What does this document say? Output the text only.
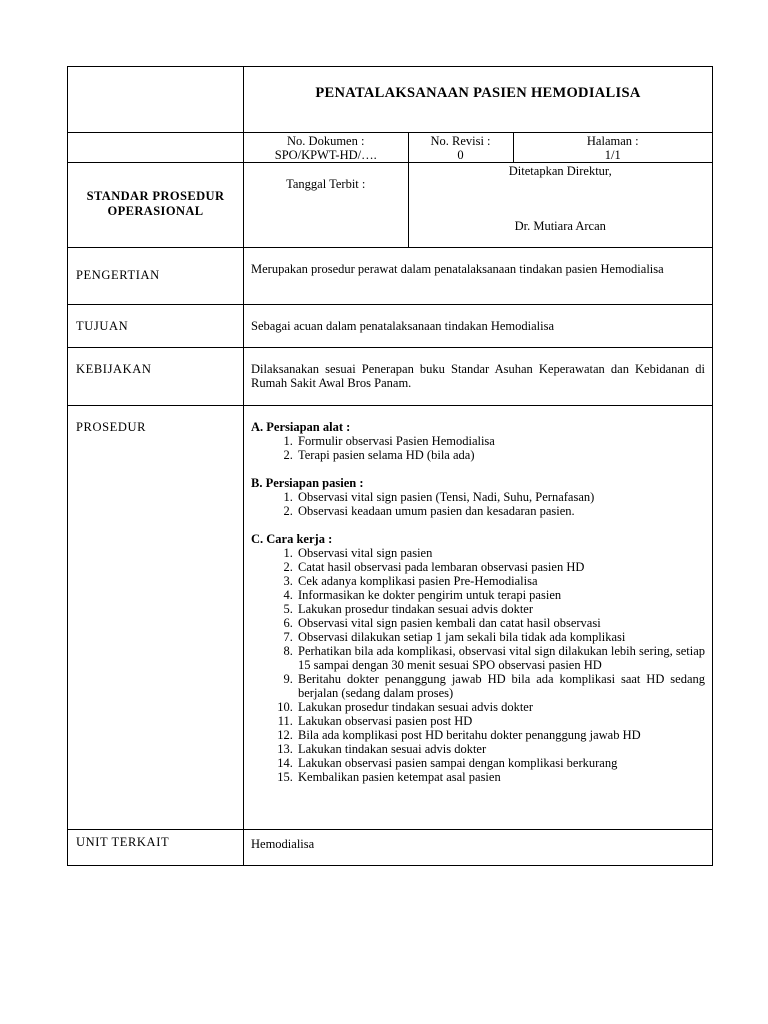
	PENATALAKSANAAN PASIEN HEMODIALISA

No. Dokumen :
SPO/KPWT-HD/….

No. Revisi :
0

Halaman :
1/1

STANDAR PROSEDUR
OPERASIONAL

Tanggal Terbit :	
Ditetapkan Direktur,
Dr. Mutiara Arcan

PENGERTIAN	Merupakan prosedur perawat dalam penatalaksanaan tindakan pasien Hemodialisa
TUJUAN	Sebagai acuan dalam penatalaksanaan tindakan Hemodialisa
KEBIJAKAN	Dilaksanakan sesuai Penerapan buku Standar Asuhan Keperawatan dan Kebidanan di Rumah Sakit Awal Bros Panam.
PROSEDUR	A. Persiapan alat :
1. Formulir observasi Pasien Hemodialisa
2. Terapi pasien selama HD (bila ada)
B. Persiapan pasien :
1. Observasi vital sign pasien (Tensi, Nadi, Suhu, Pernafasan)
2. Observasi keadaan umum pasien dan kesadaran pasien.
C. Cara kerja :
1. Observasi vital sign pasien
2. Catat hasil observasi pada lembaran observasi pasien HD
3. Cek adanya komplikasi pasien Pre-Hemodialisa
4. Informasikan ke dokter pengirim untuk terapi pasien
5. Lakukan prosedur tindakan sesuai advis dokter
6. Observasi vital sign pasien kembali dan catat hasil observasi
7. Observasi dilakukan setiap 1 jam sekali bila tidak ada komplikasi
8. Perhatikan bila ada komplikasi, observasi vital sign dilakukan lebih sering, setiap 15 sampai dengan 30 menit sesuai SPO observasi pasien HD
9. Beritahu dokter penanggung jawab HD bila ada komplikasi saat HD sedang berjalan (sedang dalam proses)
10. Lakukan prosedur tindakan sesuai advis dokter
11. Lakukan observasi pasien post HD
12. Bila ada komplikasi post HD beritahu dokter penanggung jawab HD
13. Lakukan tindakan sesuai advis dokter
14. Lakukan observasi pasien sampai dengan komplikasi berkurang
15. Kembalikan pasien ketempat asal pasien

UNIT TERKAIT	Hemodialisa
